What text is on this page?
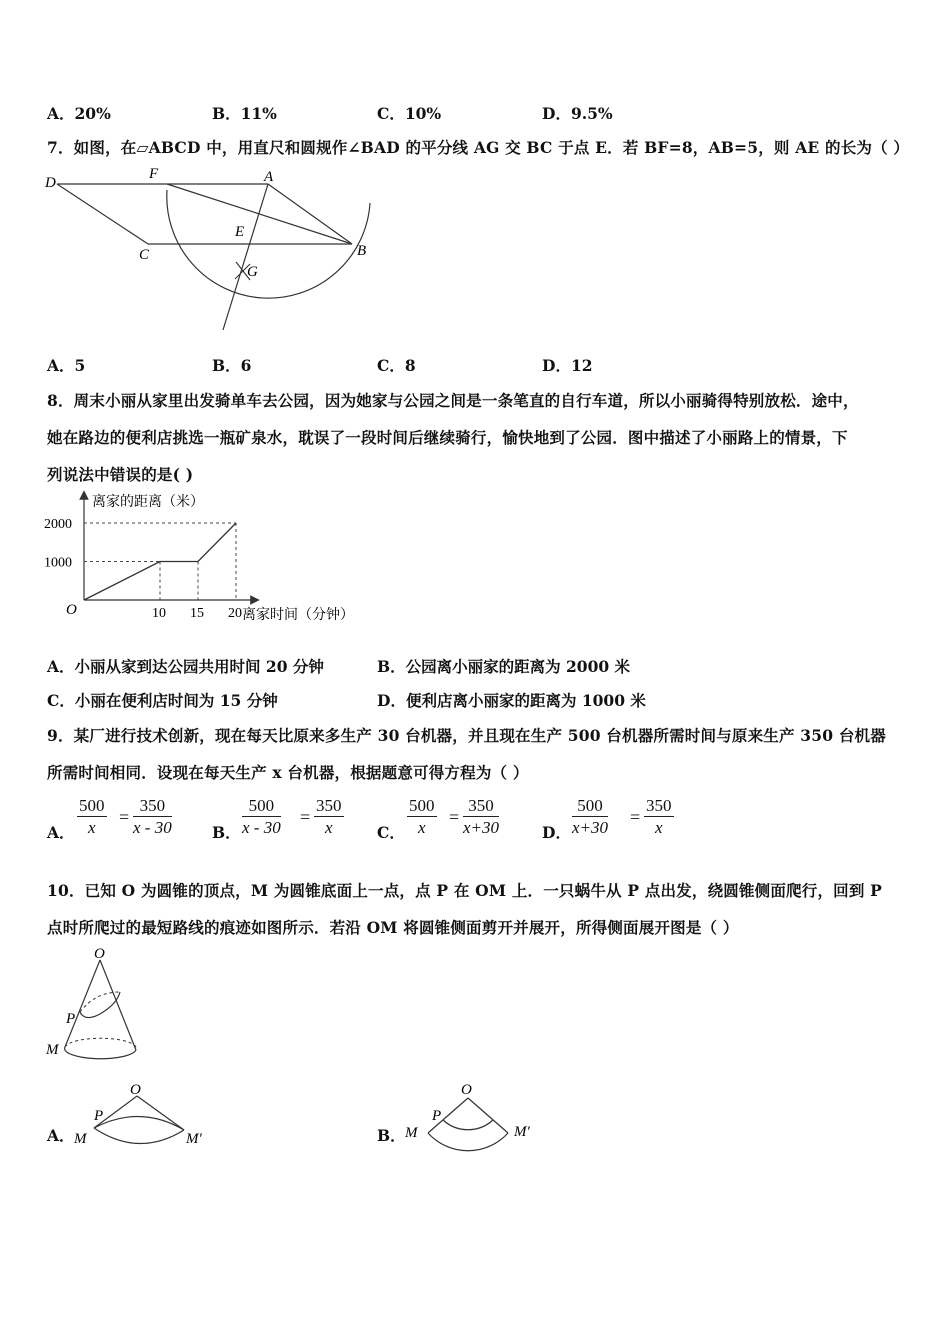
A．20%	B．11%	C．10%	D．9.5%
7．如图，在▱ABCD 中，用直尺和圆规作∠BAD 的平分线 AG 交 BC 于点 E．若 BF=8，AB=5，则 AE 的长为（ ）
D
F	A
E
C	B
G
A．5	B．6	C．8	D．12
8．周末小丽从家里出发骑单车去公园，因为她家与公园之间是一条笔直的自行车道，所以小丽骑得特别放松．途中，
她在路边的便利店挑选一瓶矿泉水，耽误了一段时间后继续骑行，愉快地到了公园．图中描述了小丽路上的情景，下
列说法中错误的是( )
离家的距离（米）
离家时间（分钟）
O	10 15 20
1000
2000
A．小丽从家到达公园共用时间 20 分钟	B．公园离小丽家的距离为 2000 米
C．小丽在便利店时间为 15 分钟	D．便利店离小丽家的距离为 1000 米
9．某厂进行技术创新，现在每天比原来多生产 30 台机器，并且现在生产 500 台机器所需时间与原来生产 350 台机器
所需时间相同．设现在每天生产 x 台机器，根据题意可得方程为（ ）
A． $\frac{500}{x} = \frac{350}{x - 30}$	B． $\frac{500}{x - 30} = \frac{350}{x}$ C． $\frac{500}{x} = \frac{350}{x+30}$	D． $\frac{500}{x+30} = \frac{350}{x}$
10．已知 O 为圆锥的顶点，M 为圆锥底面上一点，点 P 在 OM 上．一只蜗牛从 P 点出发，绕圆锥侧面爬行，回到 P
点时所爬过的最短路线的痕迹如图所示．若沿 OM 将圆锥侧面剪开并展开，所得侧面展开图是（ ）
O
P
M
A．
O
P
M	M′	B．
O
P
M	M′
